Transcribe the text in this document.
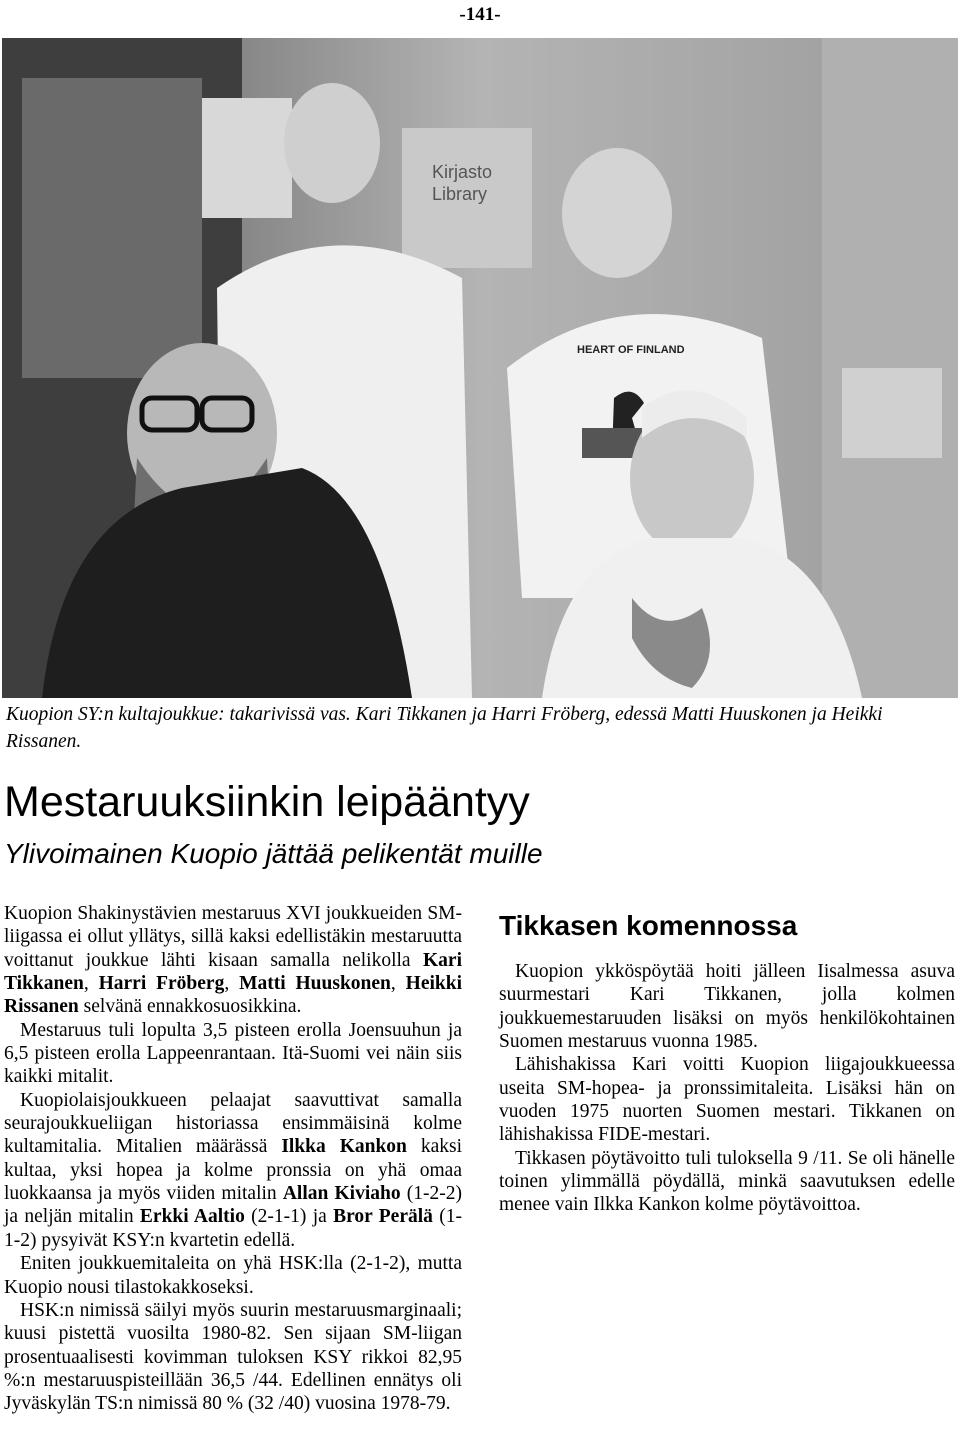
-141-
Kirjasto
Library
HEART OF FINLAND
Kuopion SY:n kultajoukkue: takarivissä vas. Kari Tikkanen ja Harri Fröberg, edessä Matti Huuskonen ja Heikki Rissanen.
Mestaruuksiinkin leipääntyy
Ylivoimainen Kuopio jättää pelikentät muille

Kuopion Shakinystävien mestaruus XVI joukkueiden SM-liigassa ei ollut yllätys, sillä kaksi edellistäkin mestaruutta voittanut joukkue lähti kisaan samalla nelikolla Kari Tikkanen, Harri Fröberg, Matti Huuskonen, Heikki Rissanen selvänä ennakkosuosikkina.

Mestaruus tuli lopulta 3,5 pisteen erolla Joensuuhun ja 6,5 pisteen erolla Lappeenrantaan. Itä-Suomi vei näin siis kaikki mitalit.

Kuopiolaisjoukkueen pelaajat saavuttivat samalla seurajoukkueliigan historiassa ensimmäisinä kolme kultamitalia. Mitalien määrässä Ilkka Kankon kaksi kultaa, yksi hopea ja kolme pronssia on yhä omaa luokkaansa ja myös viiden mitalin Allan Kiviaho (1-2-2) ja neljän mitalin Erkki Aaltio (2-1-1) ja Bror Perälä (1-1-2) pysyivät KSY:n kvartetin edellä.

Eniten joukkuemitaleita on yhä HSK:lla (2-1-2), mutta Kuopio nousi tilastokakkoseksi.

HSK:n nimissä säilyi myös suurin mestaruusmarginaali; kuusi pistettä vuosilta 1980-82. Sen sijaan SM-liigan prosentuaalisesti kovimman tuloksen KSY rikkoi 82,95 %:n mestaruuspisteillään 36,5 /44. Edellinen ennätys oli Jyväskylän TS:n nimissä 80 % (32 /40) vuosina 1978-79.

Tikkasen komennossa

Kuopion ykköspöytää hoiti jälleen Iisalmessa asuva suurmestari Kari Tikkanen, jolla kolmen joukkuemestaruuden lisäksi on myös henkilökohtainen Suomen mestaruus vuonna 1985.

Lähishakissa Kari voitti Kuopion liigajoukkueessa useita SM-hopea- ja pronssimitaleita. Lisäksi hän on vuoden 1975 nuorten Suomen mestari. Tikkanen on lähishakissa FIDE-mestari.

Tikkasen pöytävoitto tuli tuloksella 9 /11. Se oli hänelle toinen ylimmällä pöydällä, minkä saavutuksen edelle menee vain Ilkka Kankon kolme pöytävoittoa.
